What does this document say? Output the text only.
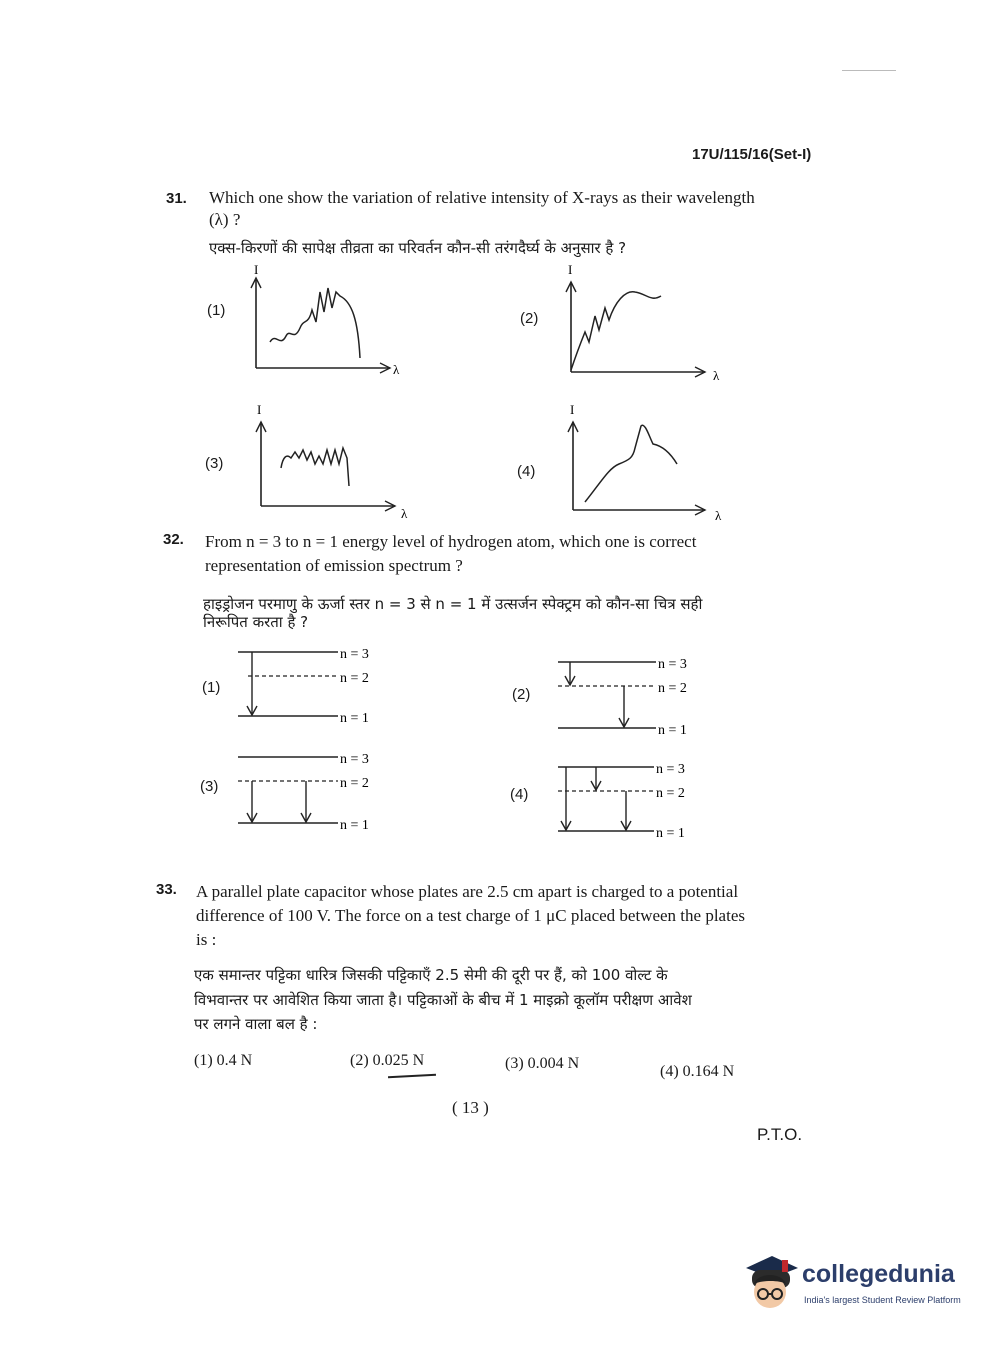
17U/115/16(Set-I)
31. Which one show the variation of relative intensity of X-rays as their wavelength
(λ) ?
एक्स-किरणों की सापेक्ष तीव्रता का परिवर्तन कौन-सी तरंगदैर्घ्य के अनुसार है ?
(1)
I
λ
(2)
I
λ
(3)
I
λ
(4)
I
λ
32. From n = 3 to n = 1 energy level of hydrogen atom, which one is correct
representation of emission spectrum ?
हाइड्रोजन परमाणु के ऊर्जा स्तर n = 3 से n = 1 में उत्सर्जन स्पेक्ट्रम को कौन-सा चित्र सही
निरूपित करता है ?
(1)
n = 3
n = 2
n = 1
(2)
n = 3
n = 2
n = 1
(3)
n = 3
n = 2
n = 1
(4)
n = 3
n = 2
n = 1
33. A parallel plate capacitor whose plates are 2.5 cm apart is charged to a potential
difference of 100 V. The force on a test charge of 1 μC placed between the plates
is :
एक समान्तर पट्टिका धारित्र जिसकी पट्टिकाएँ 2.5 सेमी की दूरी पर हैं, को 100 वोल्ट के
विभवान्तर पर आवेशित किया जाता है। पट्टिकाओं के बीच में 1 माइक्रो कूलॉम परीक्षण आवेश
पर लगने वाला बल है :
(1) 0.4 N	(2) 0.025 N	(3) 0.004 N	(4) 0.164 N
( 13 )
P.T.O.
collegedunia
India's largest Student Review Platform
